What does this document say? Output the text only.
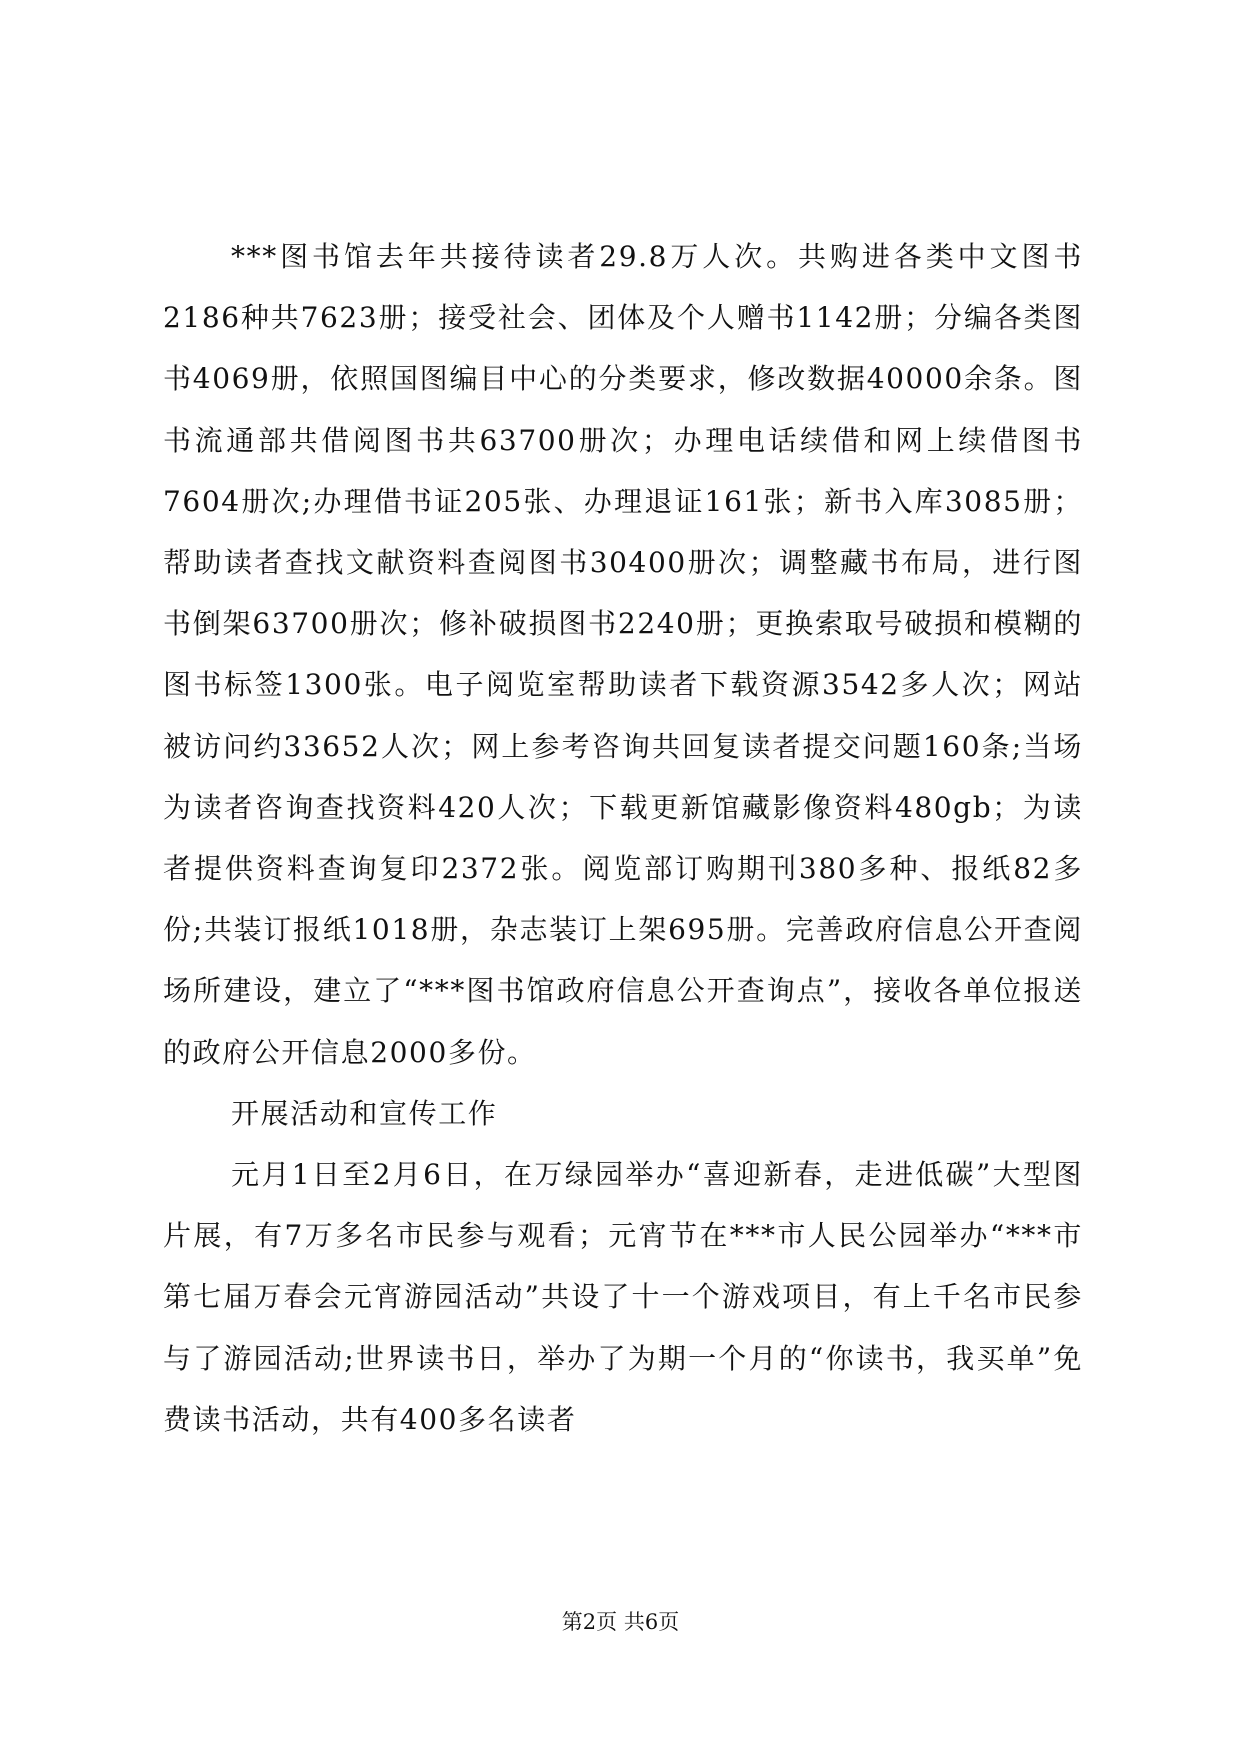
***图书馆去年共接待读者29.8万人次。共购进各类中文图书2186种共7623册；接受社会、团体及个人赠书1142册；分编各类图书4069册，依照国图编目中心的分类要求，修改数据40000余条。图书流通部共借阅图书共63700册次；办理电话续借和网上续借图书7604册次;办理借书证205张、办理退证161张；新书入库3085册；帮助读者查找文献资料查阅图书30400册次；调整藏书布局，进行图书倒架63700册次；修补破损图书2240册；更换索取号破损和模糊的图书标签1300张。电子阅览室帮助读者下载资源3542多人次；网站被访问约33652人次；网上参考咨询共回复读者提交问题160条;当场为读者咨询查找资料420人次；下载更新馆藏影像资料480gb；为读者提供资料查询复印2372张。阅览部订购期刊380多种、报纸82多份;共装订报纸1018册，杂志装订上架695册。完善政府信息公开查阅场所建设，建立了“***图书馆政府信息公开查询点”，接收各单位报送的政府公开信息2000多份。

开展活动和宣传工作

元月1日至2月6日，在万绿园举办“喜迎新春，走进低碳”大型图片展，有7万多名市民参与观看；元宵节在***市人民公园举办“***市第七届万春会元宵游园活动”共设了十一个游戏项目，有上千名市民参与了游园活动;世界读书日，举办了为期一个月的“你读书，我买单”免费读书活动，共有400多名读者

第2页 共6页
